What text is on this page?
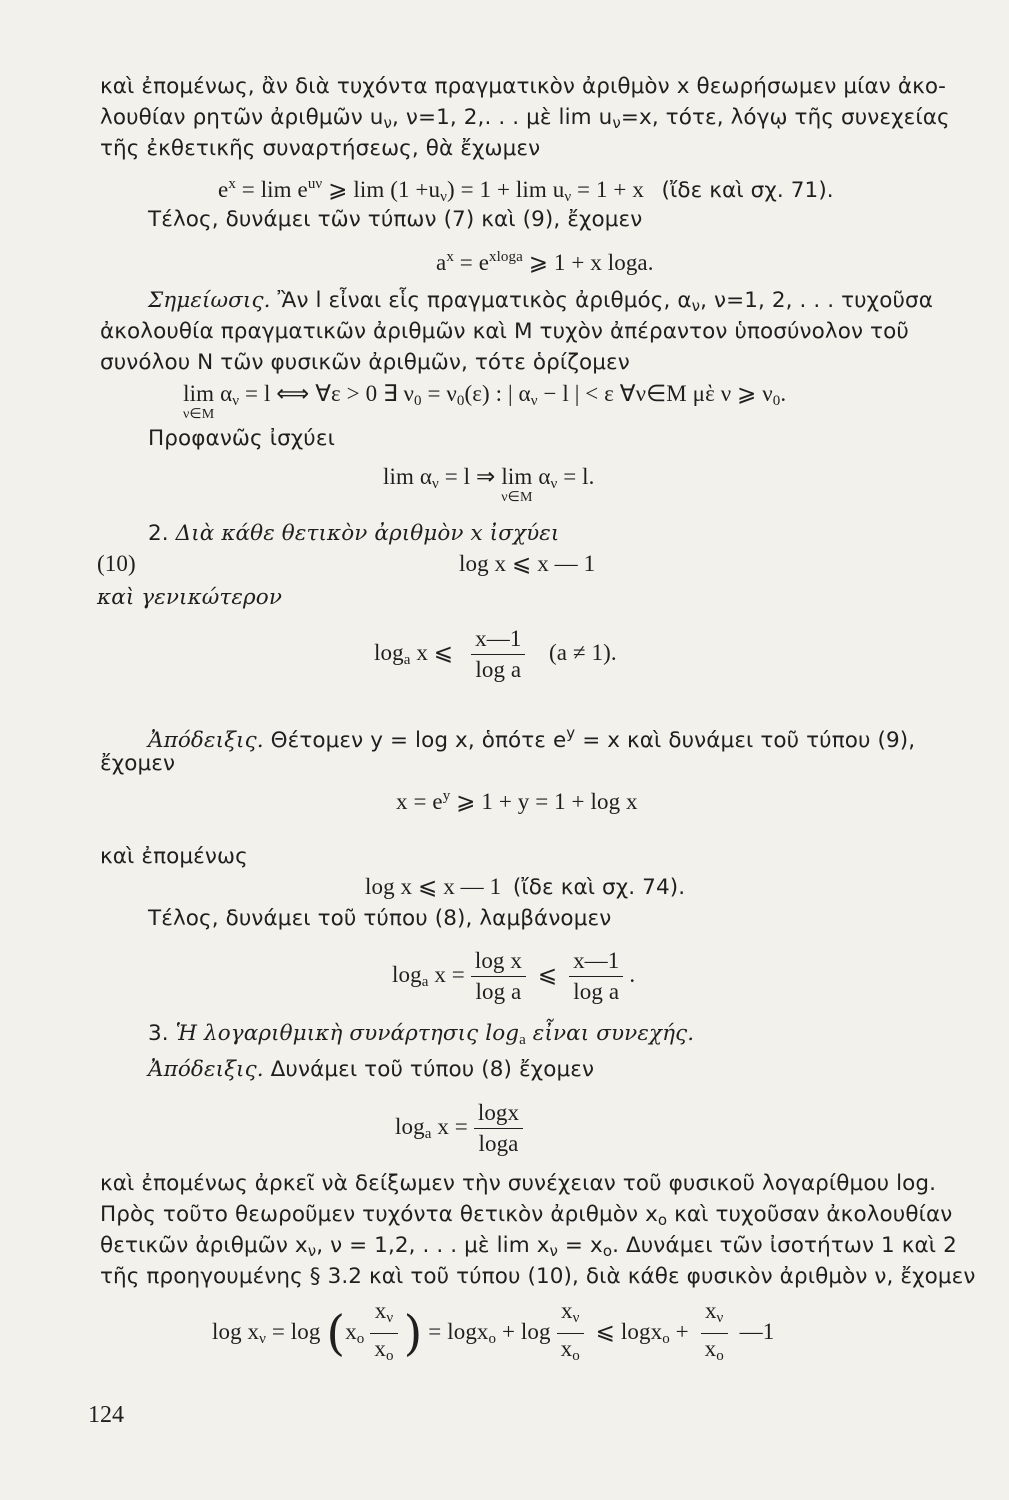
καὶ ἐπομένως, ἂν διὰ τυχόντα πραγματικὸν ἀριθμὸν x θεωρήσωμεν μίαν ἀκο-
λουθίαν ρητῶν ἀριθμῶν $u_\nu$, ν=1, 2,. . . μὲ $\lim u_\nu=x$, τότε, λόγῳ τῆς συνεχείας
τῆς ἐκθετικῆς συναρτήσεως, θὰ ἔχωμεν
$e^x = \lim e^{u\nu}$ ⩾ $\lim (1 +u_\nu) = 1 + \lim u_\nu = 1 + x$ (ἴδε καὶ σχ. 71).
Τέλος, δυνάμει τῶν τύπων (7) καὶ (9), ἔχομεν
$a^x = e^{xloga}$ ⩾ 1 + x loga.
Σημείωσις. Ἂν l εἶναι εἷς πραγματικὸς ἀριθμός, $\alpha_\nu$, ν=1, 2, . . . τυχοῦσα
ἀκολουθία πραγματικῶν ἀριθμῶν καὶ Μ τυχὸν ἀπέραντον ὑποσύνολον τοῦ
συνόλου N τῶν φυσικῶν ἀριθμῶν, τότε ὁρίζομεν
lim
ν∈M
$\alpha_\nu = l$ ⟺ ∀ε > 0 ∃ $\nu_0 = \nu_0(\varepsilon)$ : | $\alpha_\nu - l$ | < ε ∀ν∈M μὲ ν ⩾ $\nu_0$.
Προφανῶς ἰσχύει
$\lim \alpha_\nu = l$ ⇒ lim
ν∈M
$\alpha_\nu = l$.
2. Διὰ κάθε θετικὸν ἀριθμὸν x ἰσχύει
(10)	log x ⩽ x — 1
καὶ γενικώτερον
$\log_a x$ ⩽ $\frac{x—1}{\text{log a}} (a \ne 1)$.
Ἀπόδειξις. Θέτομεν y = log x, ὁπότε $e^y = x$ καὶ δυνάμει τοῦ τύπου (9),
ἔχομεν
$x = e^y$ ⩾ 1 + y = 1 + log x
καὶ ἐπομένως
log x ⩽ x — 1 (ἴδε καὶ σχ. 74).
Τέλος, δυνάμει τοῦ τύπου (8), λαμβάνομεν
$\log_a x = \frac{\text{log x}}{\text{log a}}$ ⩽ $\frac{x—1}{\text{log a}}$ .
3. Ἡ λογαριθμικὴ συνάρτησις $\log_a$ εἶναι συνεχής.
Ἀπόδειξις. Δυνάμει τοῦ τύπου (8) ἔχομεν
$\log_a x = \frac{\log x}{\log a}$
καὶ ἐπομένως ἀρκεῖ νὰ δείξωμεν τὴν συνέχειαν τοῦ φυσικοῦ λογαρίθμου log.
Πρὸς τοῦτο θεωροῦμεν τυχόντα θετικὸν ἀριθμὸν $x_o$ καὶ τυχοῦσαν ἀκολουθίαν
θετικῶν ἀριθμῶν $x_\nu$, ν = 1,2, . . . μὲ $\lim x_\nu = x_o$. Δυνάμει τῶν ἰσοτήτων 1 καὶ 2
τῆς προηγουμένης § 3.2 καὶ τοῦ τύπου (10), διὰ κάθε φυσικὸν ἀριθμὸν ν, ἔχομεν
$\log x_\nu = \log (x_o \frac{x_\nu}{x_o}$ ) = $\log x_o + \log \frac{x_\nu}{x_o}$ ⩽ $\log x_o + \frac{x_\nu}{x_o}$ —1
124
